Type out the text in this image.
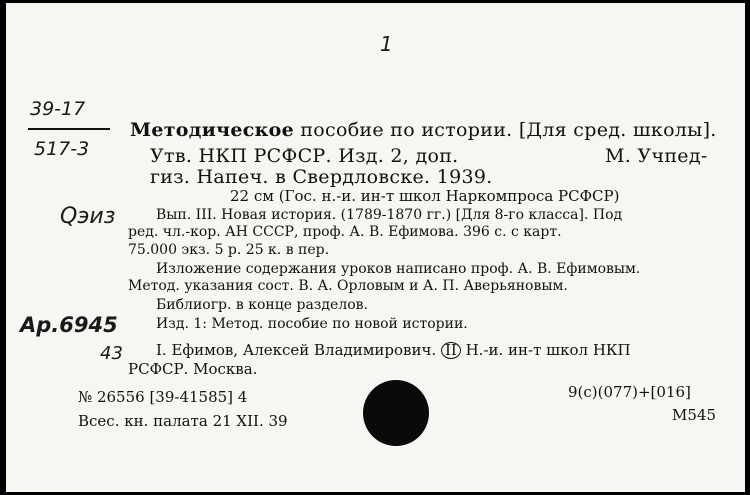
1
39-17
517-3
Qэиз
Ар.6945
43
Методическое пособие по истории. [Для сред. школы].
Утв. НКП РСФСР. Изд. 2, доп.	М. Учпед-
гиз. Напеч. в Свердловске. 1939.
22 см (Гос. н.-и. ин-т школ Наркомпроса РСФСР)
Вып. III. Новая история. (1789-1870 гг.) [Для 8-го класса]. Под
ред. чл.-кор. АН СССР, проф. А. В. Ефимова. 396 с. с карт.
75.000 экз. 5 р. 25 к. в пер.
Изложение содержания уроков написано проф. А. В. Ефимовым.
Метод. указания сост. В. А. Орловым и А. П. Аверьяновым.
Библиогр. в конце разделов.
Изд. 1: Метод. пособие по новой истории.
I. Ефимов, Алексей Владимирович. II Н.-и. ин-т школ НКП
РСФСР. Москва.
№ 26556 [39-41585] 4
Всес. кн. палата 21 XII. 39
9(с)(077)+[016]
М545
